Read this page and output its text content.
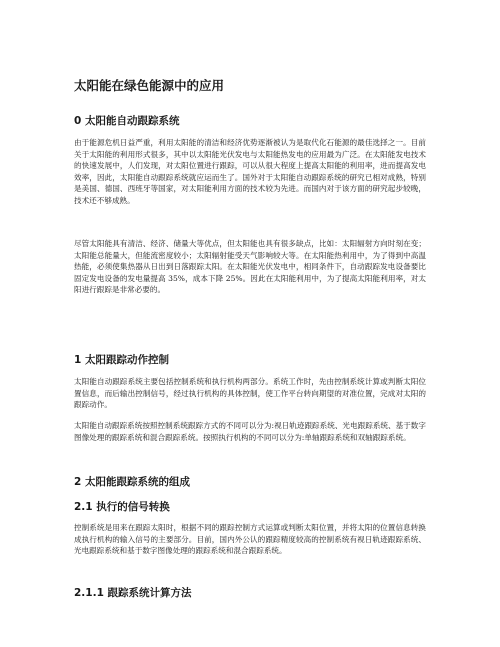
太阳能在绿色能源中的应用
0 太阳能自动跟踪系统
由于能源危机日益严重，利用太阳能的清洁和经济优势逐渐被认为是取代化石能源的最佳选择之一。目前关于太阳能的利用形式很多，其中以太阳能光伏发电与太阳能热发电的应用最为广泛。在太阳能发电技术的快速发展中，人们发现，对太阳位置进行跟踪，可以从很大程度上提高太阳能的利用率，进而提高发电效率，因此，太阳能自动跟踪系统就应运而生了。国外对于太阳能自动跟踪系统的研究已相对成熟，特别是美国、德国、西班牙等国家，对太阳能利用方面的技术较为先进。而国内对于该方面的研究起步较晚，技术还不够成熟。
尽管太阳能具有清洁、经济、储量大等优点，但太阳能也具有很多缺点，比如：太阳辐射方向时刻在变；太阳能总能量大，但能流密度较小；太阳辐射能受天气影响较大等。在太阳能热利用中，为了得到中高温热能，必须使集热器从日出到日落跟踪太阳。在太阳能光伏发电中，相同条件下，自动跟踪发电设备要比固定发电设备的发电量提高 35%，成本下降 25%。因此在太阳能利用中，为了提高太阳能利用率，对太阳进行跟踪是非常必要的。
1 太阳跟踪动作控制
太阳能自动跟踪系统主要包括控制系统和执行机构两部分。系统工作时，先由控制系统计算或判断太阳位置信息，而后输出控制信号，经过执行机构的具体控制，使工作平台转向期望的对准位置，完成对太阳的跟踪动作。
太阳能自动跟踪系统按照控制系统跟踪方式的不同可以分为:视日轨迹跟踪系统、光电跟踪系统、基于数字图像处理的跟踪系统和混合跟踪系统。按照执行机构的不同可以分为:单轴跟踪系统和双轴跟踪系统。
2 太阳能跟踪系统的组成
2.1 执行的信号转换
控制系统是用来在跟踪太阳时，根据不同的跟踪控制方式运算或判断太阳位置，并将太阳的位置信息转换成执行机构的输入信号的主要部分。目前，国内外公认的跟踪精度较高的控制系统有视日轨迹跟踪系统、光电跟踪系统和基于数字图像处理的跟踪系统和混合跟踪系统。
2.1.1 跟踪系统计算方法
